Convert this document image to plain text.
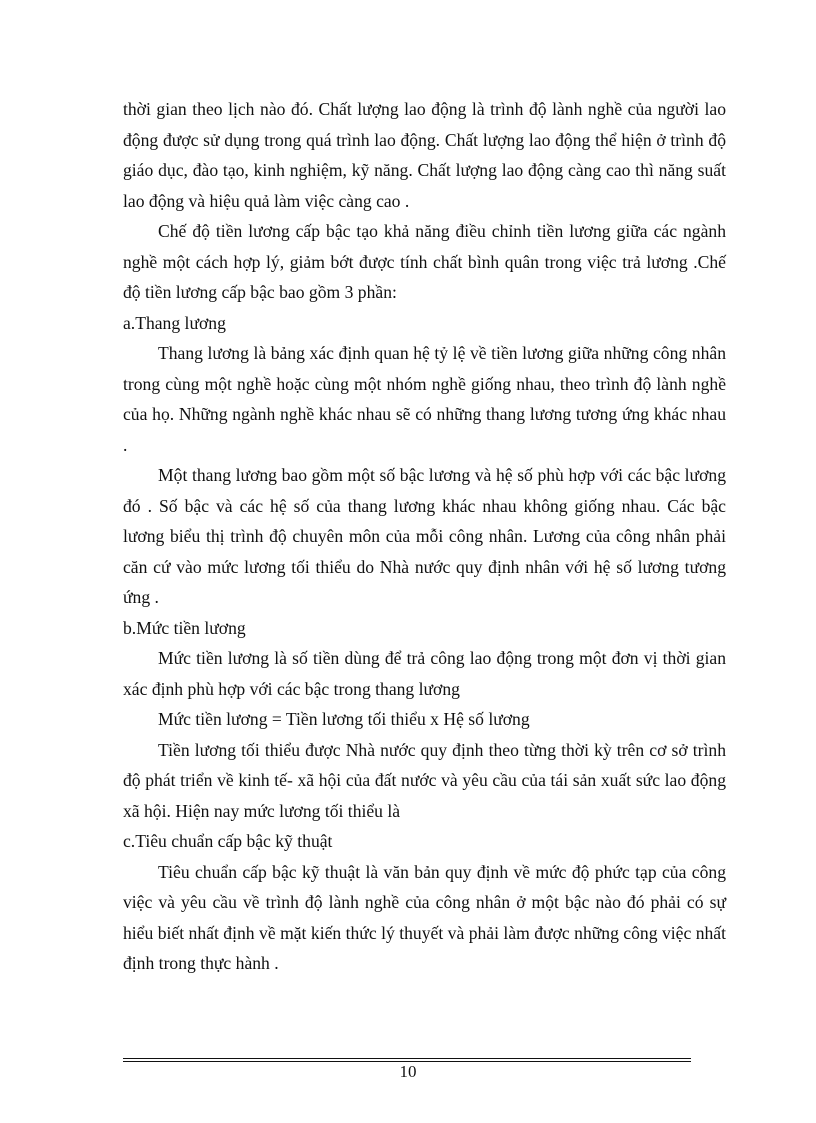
thời gian theo lịch nào đó. Chất lượng lao động là trình độ lành nghề của người lao động được sử dụng trong quá trình lao động. Chất lượng lao động thể hiện ở trình độ giáo dục, đào tạo, kinh nghiệm, kỹ năng. Chất lượng lao động càng cao thì năng suất lao động và hiệu quả làm việc càng cao .

Chế độ tiền lương cấp bậc tạo khả năng điều chỉnh tiền lương giữa các ngành nghề một cách hợp lý, giảm bớt được tính chất bình quân trong việc trả lương .Chế độ tiền lương cấp bậc bao gồm 3 phần:

a.Thang lương

Thang lương là bảng xác định quan hệ tỷ lệ về tiền lương giữa những công nhân trong cùng một nghề hoặc cùng một nhóm nghề giống nhau, theo trình độ lành nghề của họ. Những ngành nghề khác nhau sẽ có những thang lương tương ứng khác nhau .

Một thang lương bao gồm một số bậc lương và hệ số phù hợp với các bậc lương đó . Số bậc và các hệ số của thang lương khác nhau không giống nhau. Các bậc lương biểu thị trình độ chuyên môn của mỗi công nhân. Lương của công nhân phải căn cứ vào mức lương tối thiểu do Nhà nước quy định nhân với hệ số lương tương ứng .

b.Mức tiền lương

Mức tiền lương là số tiền dùng để trả công lao động trong một đơn vị thời gian xác định phù hợp với các bậc trong thang lương

Mức tiền lương = Tiền lương tối thiểu x Hệ số lương

Tiền lương tối thiểu được Nhà nước quy định theo từng thời kỳ trên cơ sở trình độ phát triển về kinh tế- xã hội của đất nước và yêu cầu của tái sản xuất sức lao động xã hội. Hiện nay mức lương tối thiểu là

c.Tiêu chuẩn cấp bậc kỹ thuật

Tiêu chuẩn cấp bậc kỹ thuật là văn bản quy định về mức độ phức tạp của công việc và yêu cầu về trình độ lành nghề của công nhân ở một bậc nào đó phải có sự hiểu biết nhất định về mặt kiến thức lý thuyết và phải làm được những công việc nhất định trong thực hành .

10
